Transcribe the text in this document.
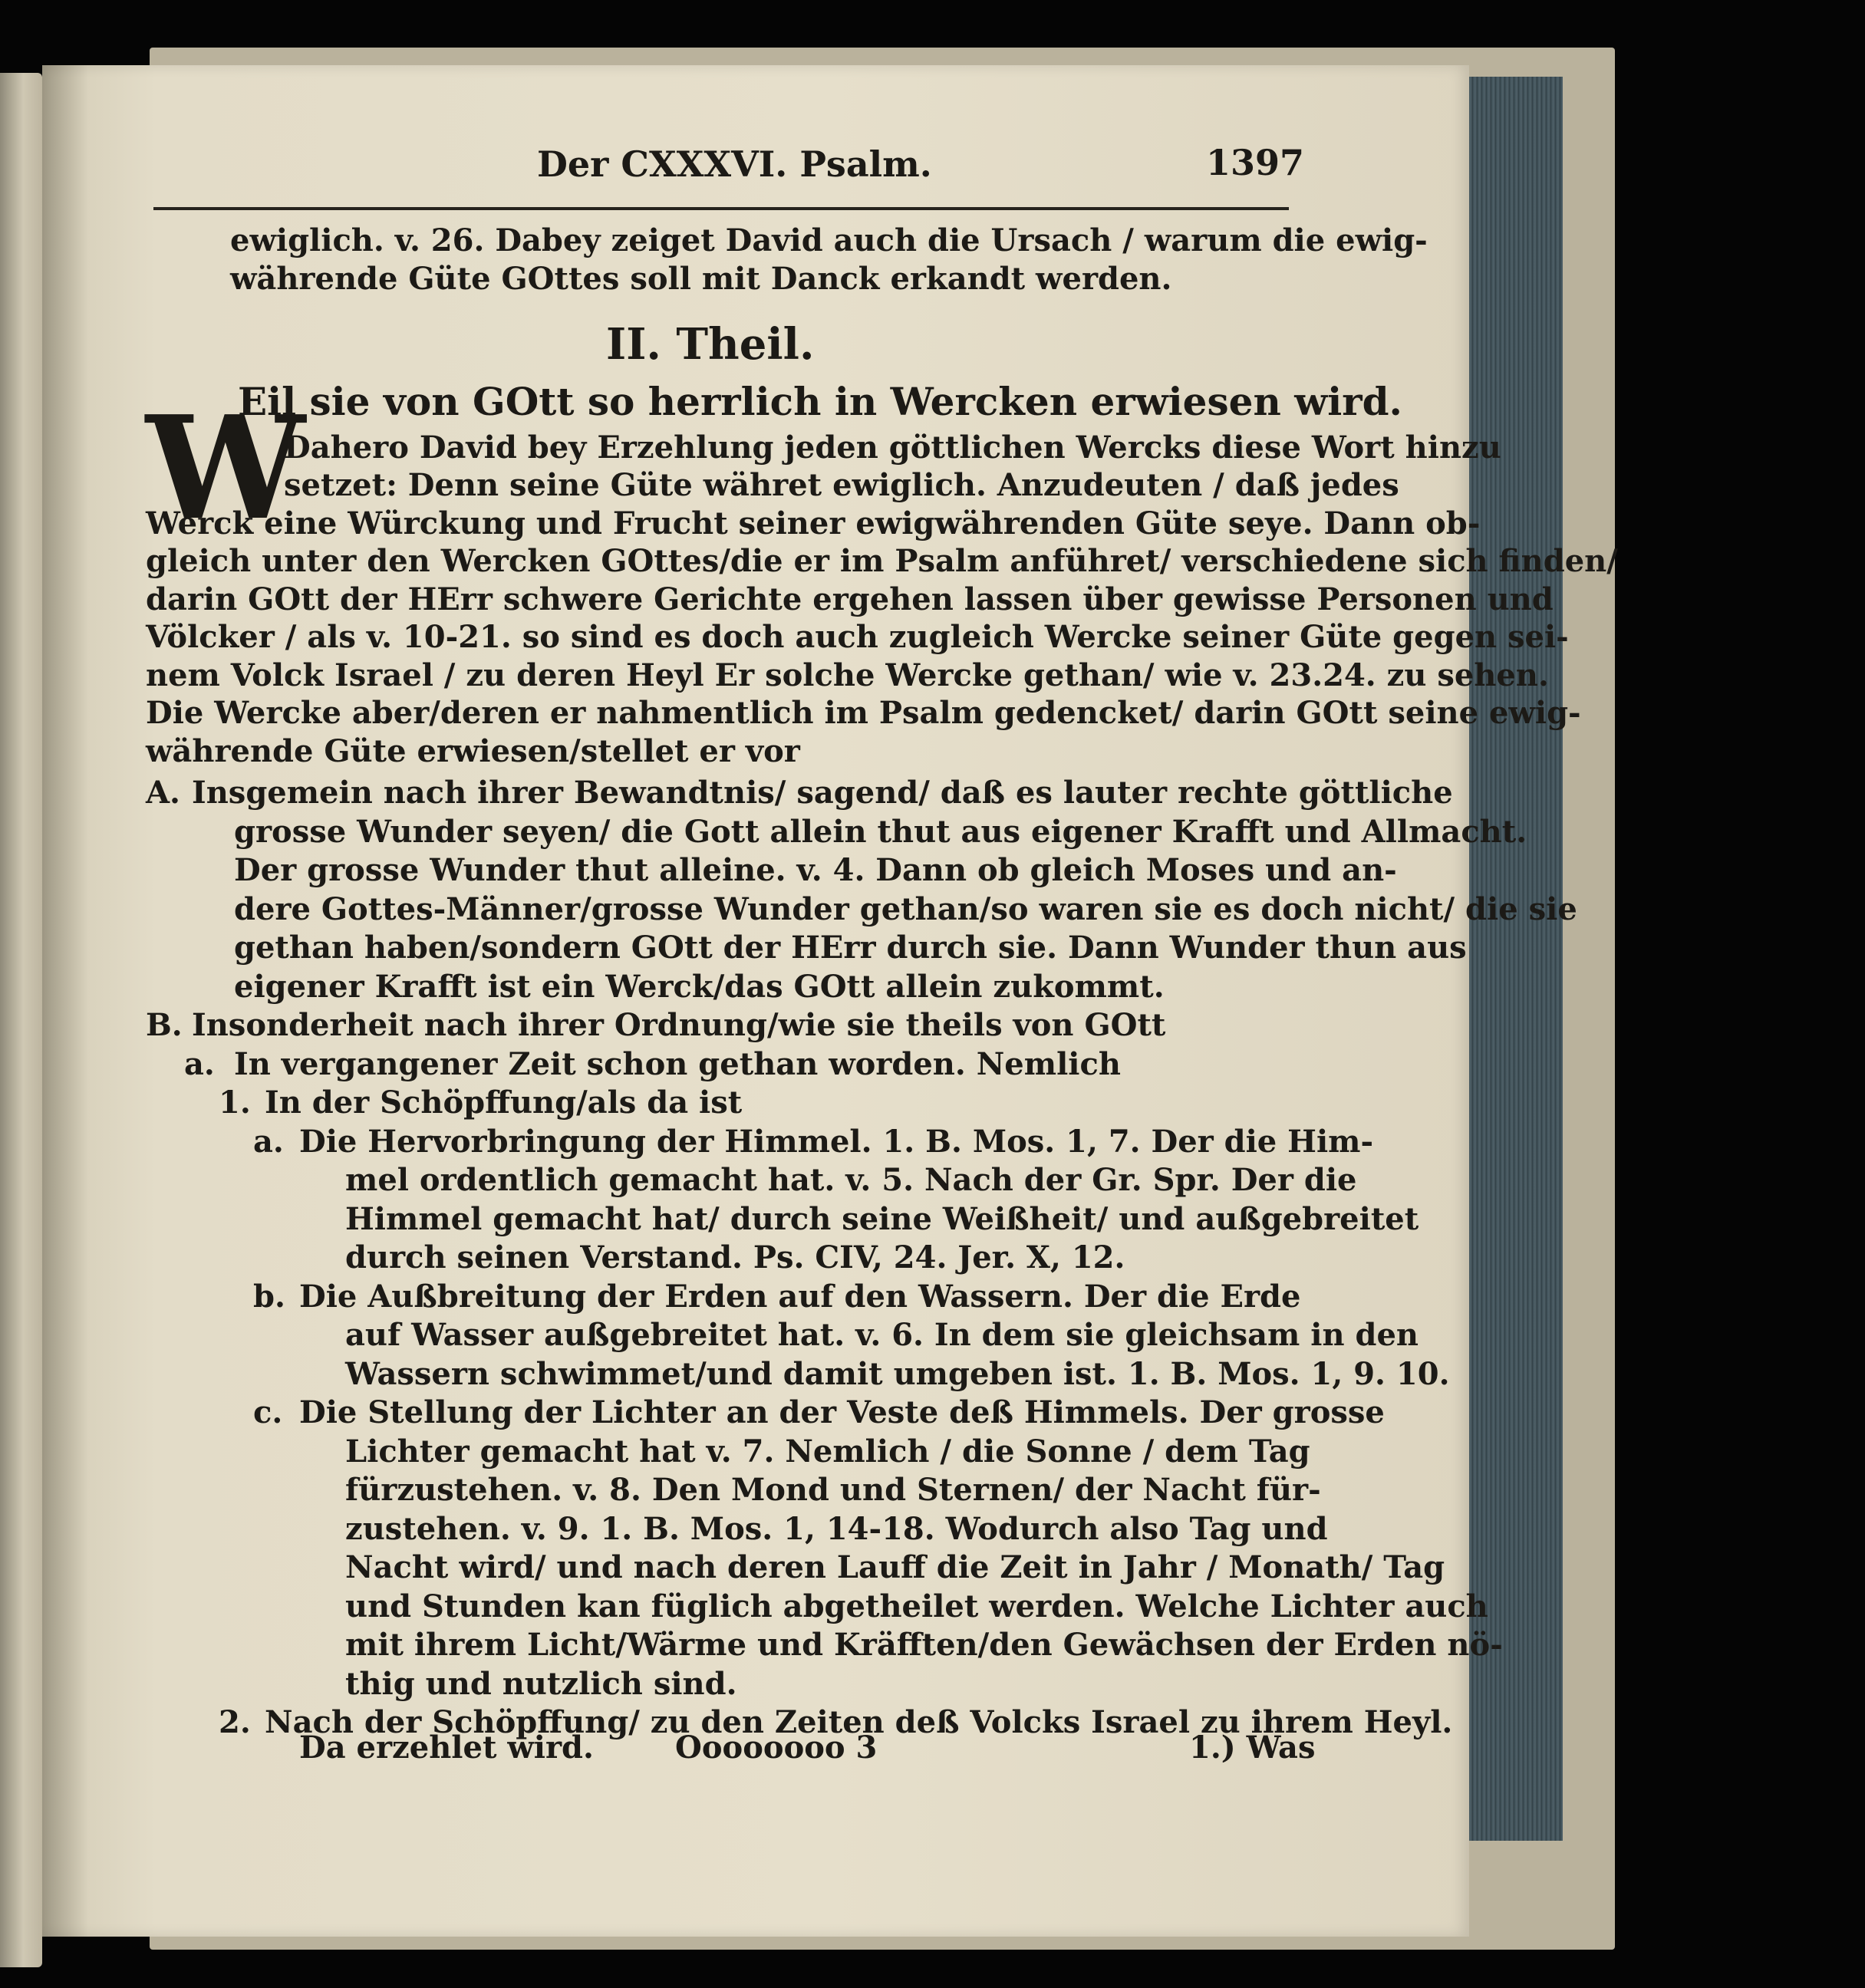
Der CXXXVI. Psalm.	1397
ewiglich. v. 26. Dabey zeiget David auch die Ursach / warum die ewig-
währende Güte GOttes soll mit Danck erkandt werden.
II. Theil.
W
Eil sie von GOtt so herrlich in Wercken erwiesen wird.
Dahero David bey Erzehlung jeden göttlichen Wercks diese Wort hinzu
setzet: Denn seine Güte währet ewiglich. Anzudeuten / daß jedes
Werck eine Würckung und Frucht seiner ewigwährenden Güte seye. Dann ob-
gleich unter den Wercken GOttes/die er im Psalm anführet/ verschiedene sich finden/
darin GOtt der HErr schwere Gerichte ergehen lassen über gewisse Personen und
Völcker / als v. 10-21. so sind es doch auch zugleich Wercke seiner Güte gegen sei-
nem Volck Israel / zu deren Heyl Er solche Wercke gethan/ wie v. 23.24. zu sehen.
Die Wercke aber/deren er nahmentlich im Psalm gedencket/ darin GOtt seine ewig-
währende Güte erwiesen/stellet er vor
A. Insgemein nach ihrer Bewandtnis/ sagend/ daß es lauter rechte göttliche
grosse Wunder seyen/ die Gott allein thut aus eigener Krafft und Allmacht.
Der grosse Wunder thut alleine. v. 4. Dann ob gleich Moses und an-
dere Gottes-Männer/grosse Wunder gethan/so waren sie es doch nicht/ die sie
gethan haben/sondern GOtt der HErr durch sie. Dann Wunder thun aus
eigener Krafft ist ein Werck/das GOtt allein zukommt.
B. Insonderheit nach ihrer Ordnung/wie sie theils von GOtt
a. In vergangener Zeit schon gethan worden. Nemlich
1. In der Schöpffung/als da ist
a. Die Hervorbringung der Himmel. 1. B. Mos. 1, 7. Der die Him-
mel ordentlich gemacht hat. v. 5. Nach der Gr. Spr. Der die
Himmel gemacht hat/ durch seine Weißheit/ und außgebreitet
durch seinen Verstand. Ps. CIV, 24. Jer. X, 12.
b. Die Außbreitung der Erden auf den Wassern. Der die Erde
auf Wasser außgebreitet hat. v. 6. In dem sie gleichsam in den
Wassern schwimmet/und damit umgeben ist. 1. B. Mos. 1, 9. 10.
c. Die Stellung der Lichter an der Veste deß Himmels. Der grosse
Lichter gemacht hat v. 7. Nemlich / die Sonne / dem Tag
fürzustehen. v. 8. Den Mond und Sternen/ der Nacht für-
zustehen. v. 9. 1. B. Mos. 1, 14-18. Wodurch also Tag und
Nacht wird/ und nach deren Lauff die Zeit in Jahr / Monath/ Tag
und Stunden kan füglich abgetheilet werden. Welche Lichter auch
mit ihrem Licht/Wärme und Kräfften/den Gewächsen der Erden nö-
thig und nutzlich sind.
2. Nach der Schöpffung/ zu den Zeiten deß Volcks Israel zu ihrem Heyl.
Da erzehlet wird.	Oooooooo 3	1.) Was
